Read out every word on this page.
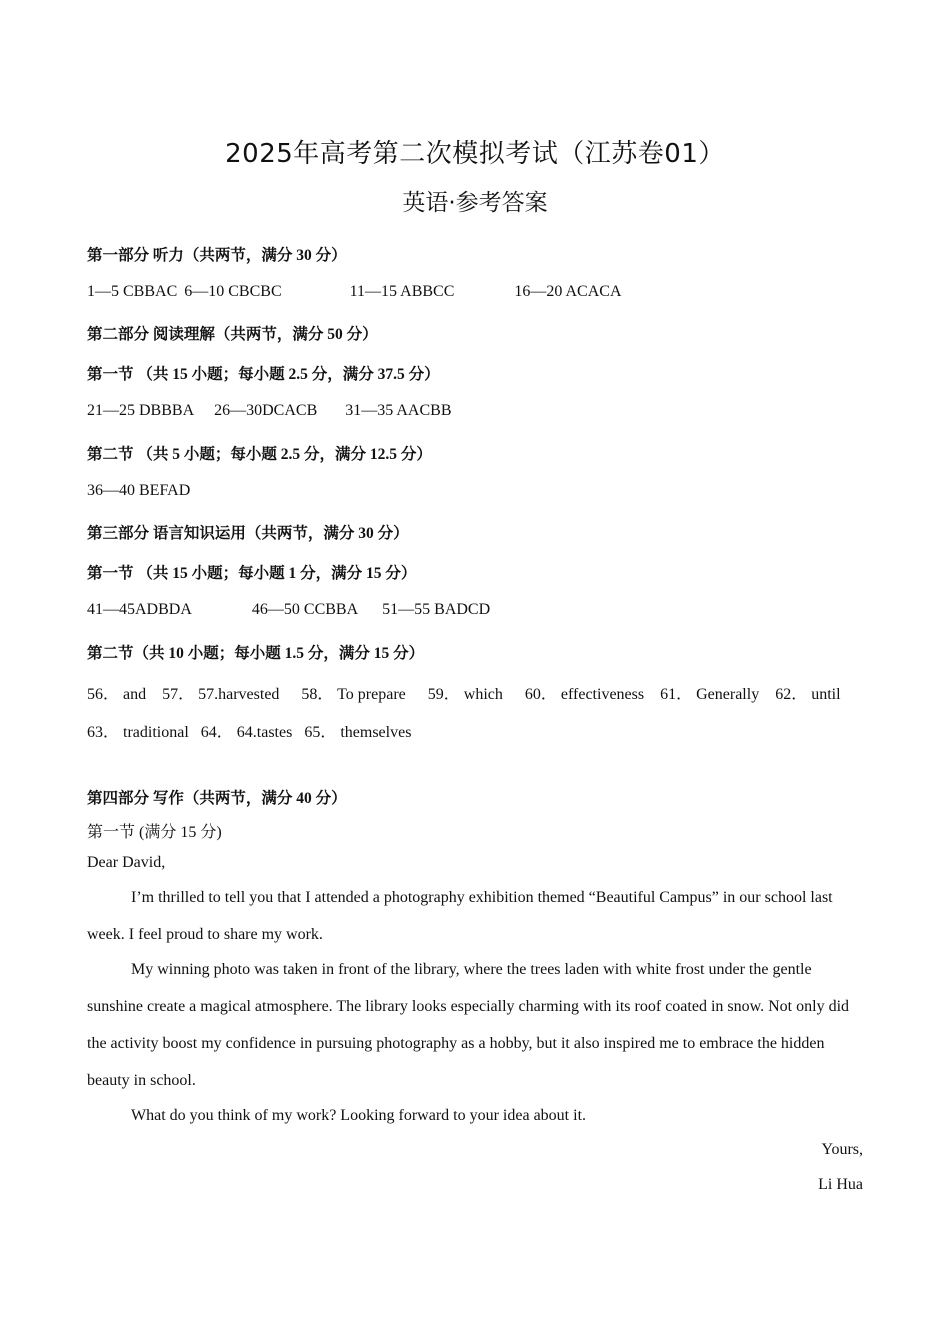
2025年高考第二次模拟考试（江苏卷01）
英语·参考答案
第一部分 听力（共两节，满分 30 分）
1—5 CBBAC 6—10 CBCBC	11—15 ABBCC	16—20 ACACA
第二部分 阅读理解（共两节，满分 50 分）
第一节 （共 15 小题；每小题 2.5 分，满分 37.5 分）
21—25 DBBBA 26—30DCACB 31—35 AACBB
第二节 （共 5 小题；每小题 2.5 分，满分 12.5 分）
36—40 BEFAD
第三部分 语言知识运用（共两节，满分 30 分）
第一节 （共 15 小题；每小题 1 分，满分 15 分）
41—45ADBDA	46—50 CCBBA 51—55 BADCD
第二节（共 10 小题；每小题 1.5 分，满分 15 分）
56． and 57． 57.harvested 58． To prepare 59． which 60． effectiveness 61． Generally 62． until
63． traditional 64． 64.tastes 65． themselves
第四部分 写作（共两节，满分 40 分）
第一节 (满分 15 分)
Dear David,
I’m thrilled to tell you that I attended a photography exhibition themed “Beautiful Campus” in our school last week. I feel proud to share my work.
My winning photo was taken in front of the library, where the trees laden with white frost under the gentle sunshine create a magical atmosphere. The library looks especially charming with its roof coated in snow. Not only did the activity boost my confidence in pursuing photography as a hobby, but it also inspired me to embrace the hidden beauty in school.
What do you think of my work? Looking forward to your idea about it.
Yours,
Li Hua
